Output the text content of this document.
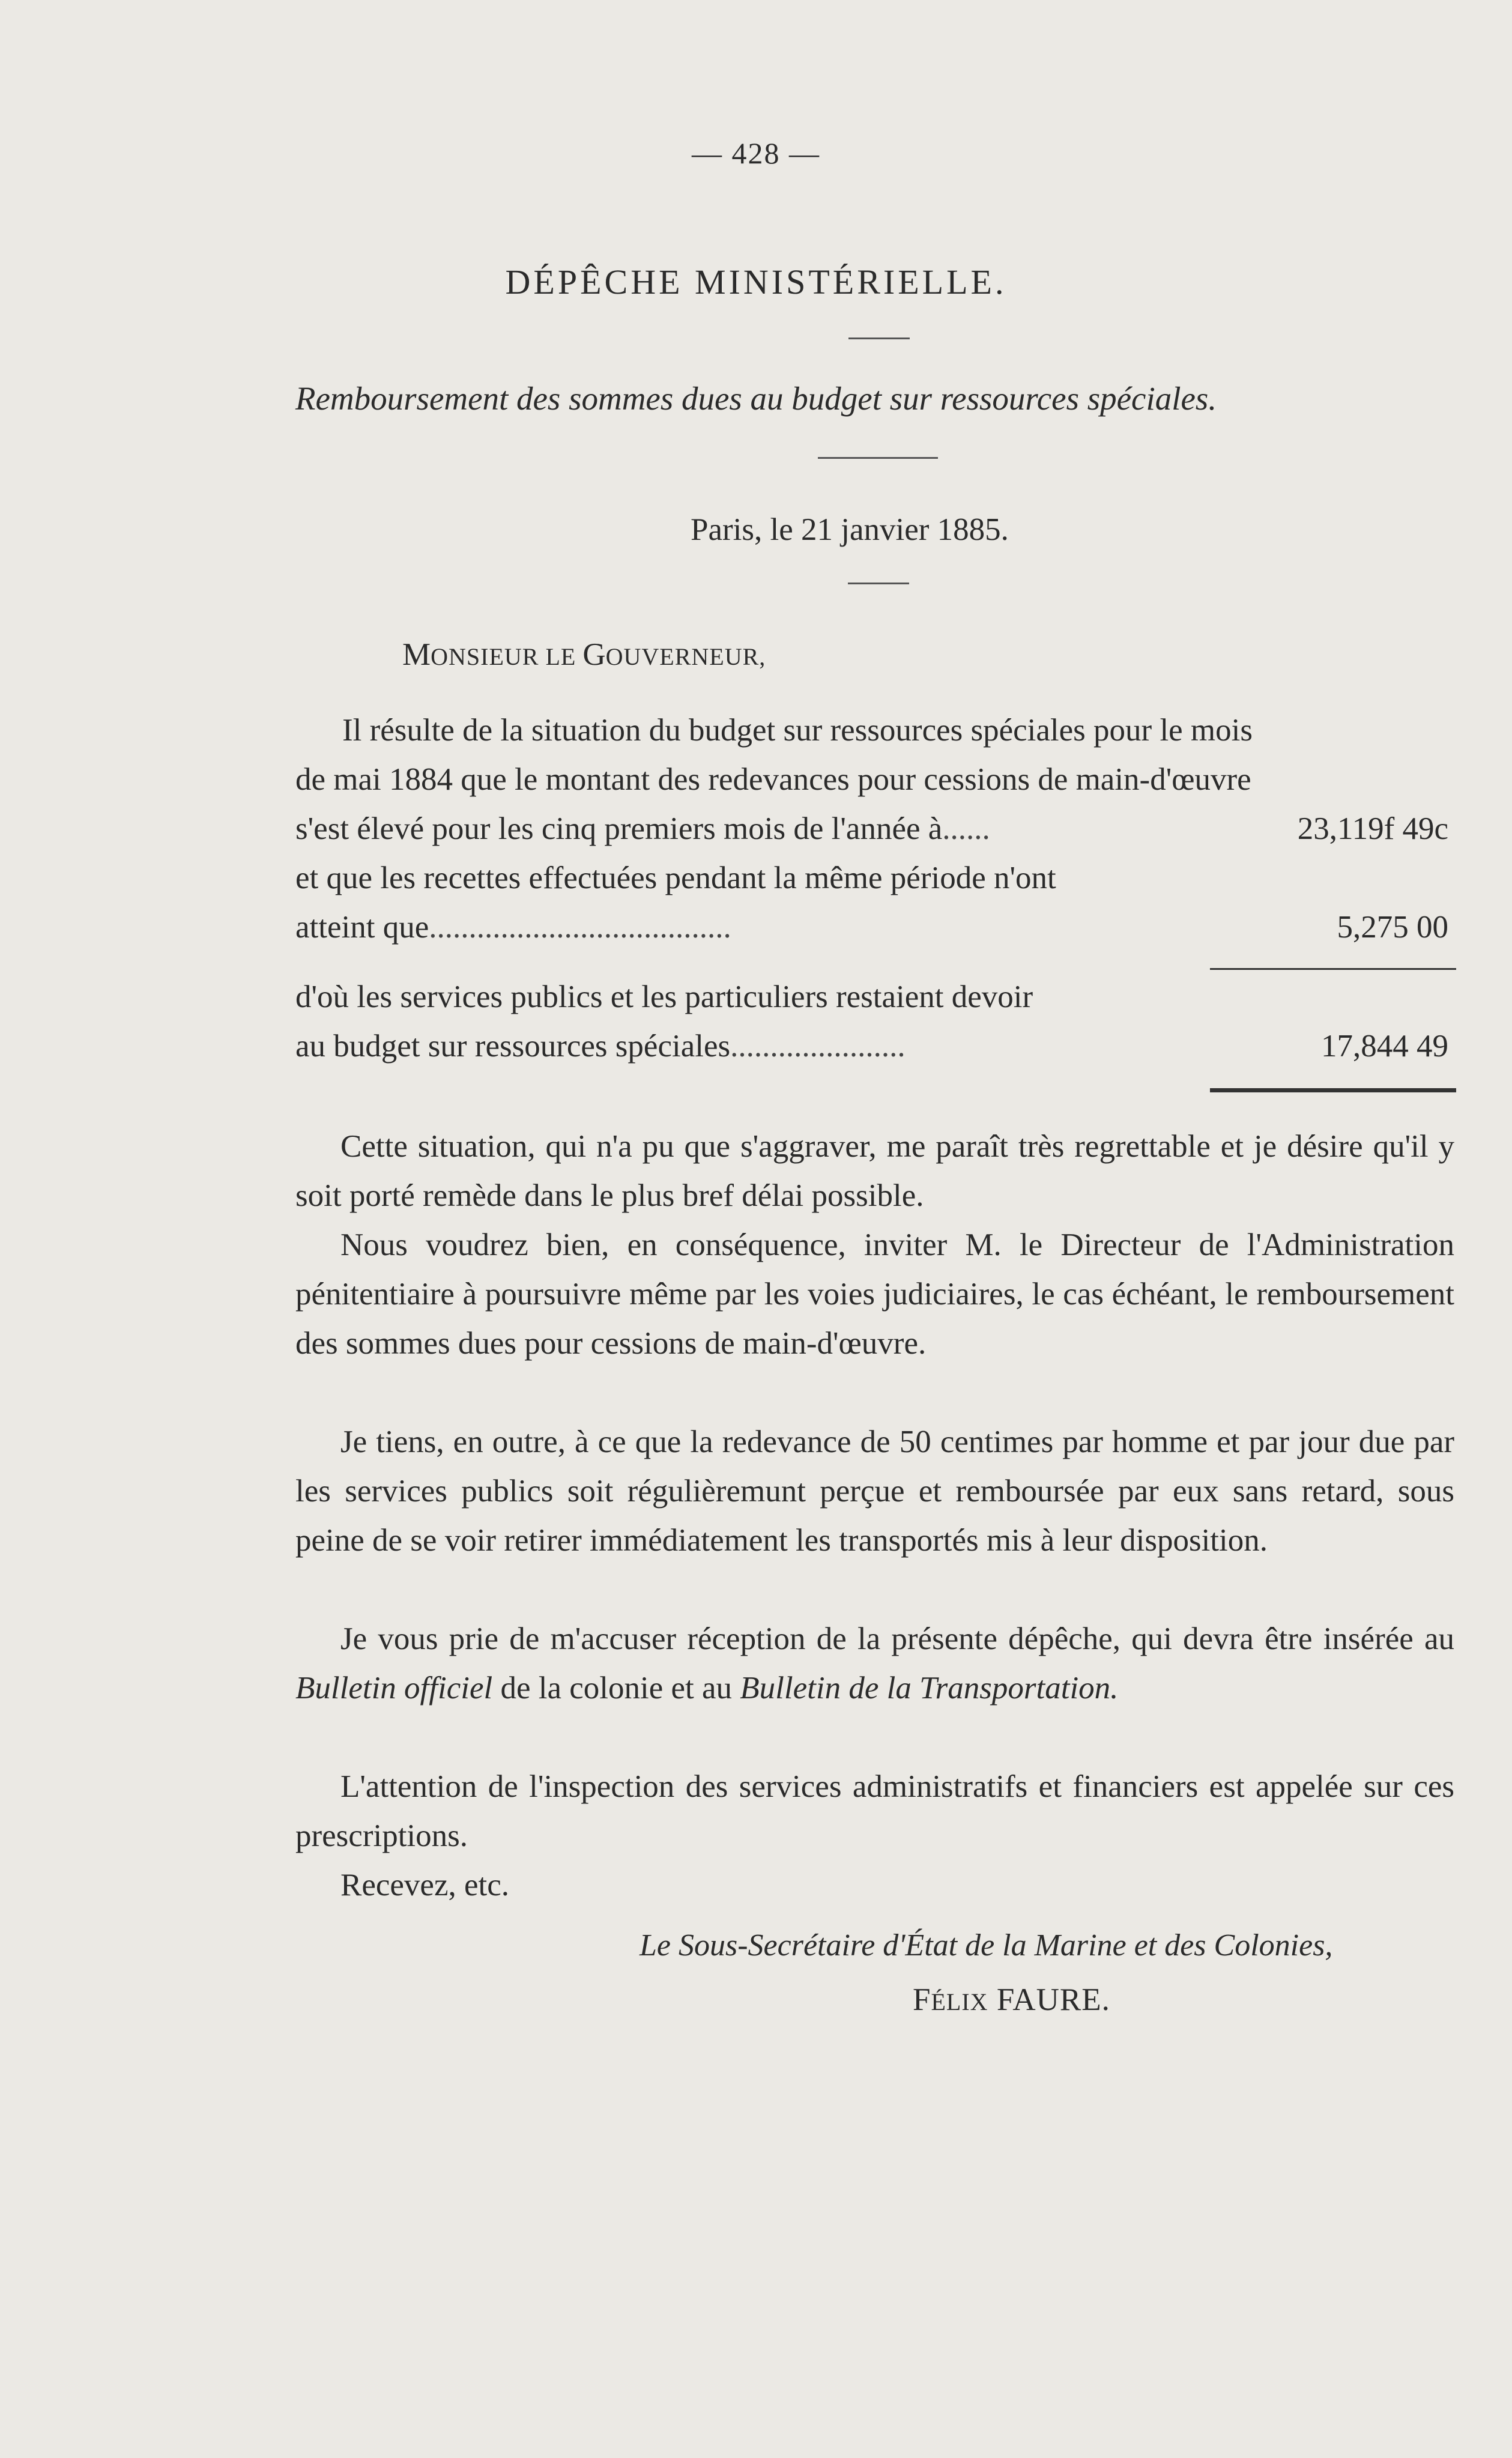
— 428 —
DÉPÊCHE MINISTÉRIELLE.
Remboursement des sommes dues au budget sur ressources spéciales.
Paris, le 21 janvier 1885.
MONSIEUR LE GOUVERNEUR,
Il résulte de la situation du budget sur ressources spéciales pour le mois
de mai 1884 que le montant des redevances pour cessions de main-d'œuvre
s'est élevé pour les cinq premiers mois de l'année à......	23,119f 49c
et que les recettes effectuées pendant la même période n'ont
atteint que......................................	5,275 00
d'où les services publics et les particuliers restaient devoir
au budget sur ressources spéciales......................	17,844 49
Cette situation, qui n'a pu que s'aggraver, me paraît très regrettable et je désire qu'il y soit porté remède dans le plus bref délai possible.
Nous voudrez bien, en conséquence, inviter M. le Directeur de l'Administration pénitentiaire à poursuivre même par les voies judiciaires, le cas échéant, le remboursement des sommes dues pour cessions de main-d'œuvre.
Je tiens, en outre, à ce que la redevance de 50 centimes par homme et par jour due par les services publics soit régulièremunt perçue et remboursée par eux sans retard, sous peine de se voir retirer immédiatement les transportés mis à leur disposition.
Je vous prie de m'accuser réception de la présente dépêche, qui devra être insérée au Bulletin officiel de la colonie et au Bulletin de la Transportation.
L'attention de l'inspection des services administratifs et financiers est appelée sur ces prescriptions.
Recevez, etc.
Le Sous-Secrétaire d'État de la Marine et des Colonies,
FÉLIX FAURE.
